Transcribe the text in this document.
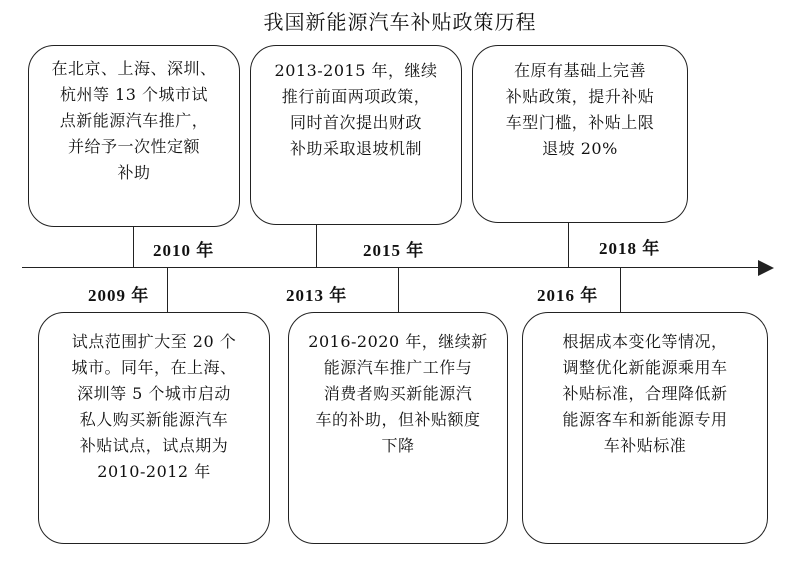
我国新能源汽车补贴政策历程
在北京、上海、深圳、
杭州等 13 个城市试
点新能源汽车推广，
并给予一次性定额
补助
2010 年
2013-2015 年，继续
推行前面两项政策，
同时首次提出财政
补助采取退坡机制
2015 年
在原有基础上完善
补贴政策，提升补贴
车型门槛，补贴上限
退坡 20%
2018 年
2009 年
试点范围扩大至 20 个
城市。同年，在上海、
深圳等 5 个城市启动
私人购买新能源汽车
补贴试点，试点期为
2010-2012 年
2013 年
2016-2020 年，继续新
能源汽车推广工作与
消费者购买新能源汽
车的补助，但补贴额度
下降
2016 年
根据成本变化等情况，
调整优化新能源乘用车
补贴标准，合理降低新
能源客车和新能源专用
车补贴标准
